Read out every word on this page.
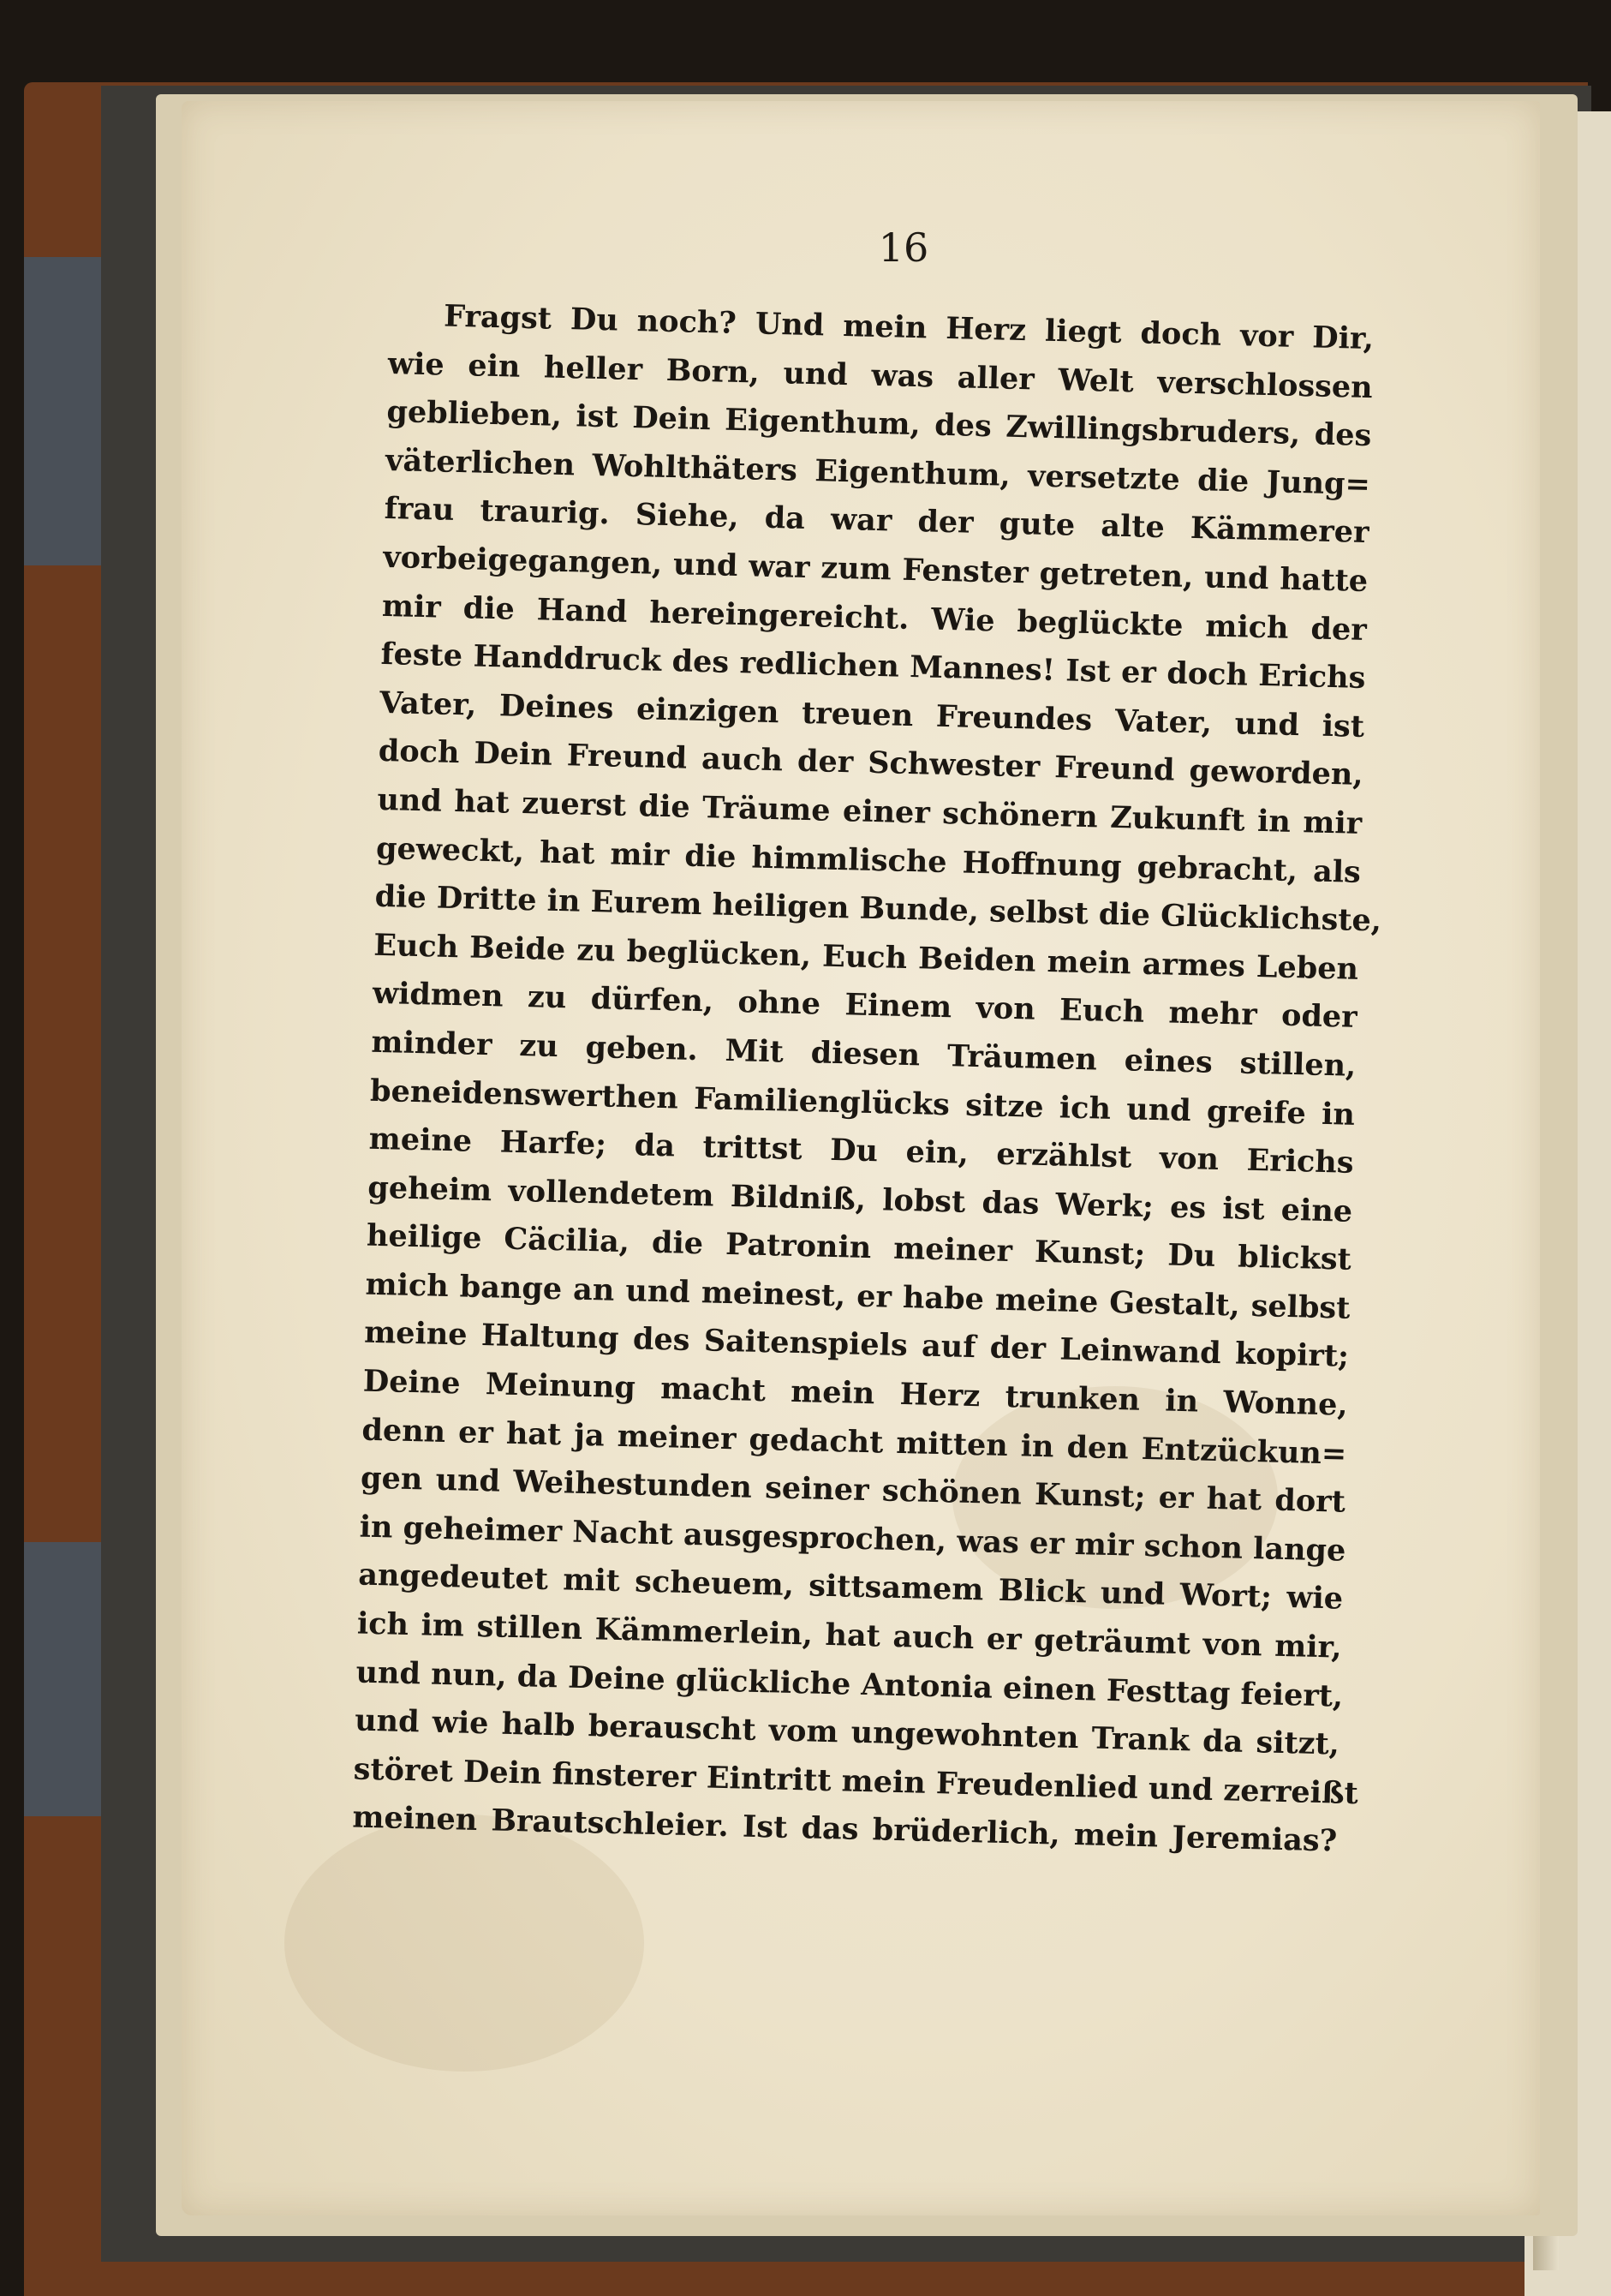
16
Fragst Du noch? Und mein Herz liegt doch vor Dir,
wie ein heller Born, und was aller Welt verschlossen
geblieben, ist Dein Eigenthum, des Zwillingsbruders, des
väterlichen Wohlthäters Eigenthum, versetzte die Jung=
frau traurig. Siehe, da war der gute alte Kämmerer
vorbeigegangen, und war zum Fenster getreten, und hatte
mir die Hand hereingereicht. Wie beglückte mich der
feste Handdruck des redlichen Mannes! Ist er doch Erichs
Vater, Deines einzigen treuen Freundes Vater, und ist
doch Dein Freund auch der Schwester Freund geworden,
und hat zuerst die Träume einer schönern Zukunft in mir
geweckt, hat mir die himmlische Hoffnung gebracht, als
die Dritte in Eurem heiligen Bunde, selbst die Glücklichste,
Euch Beide zu beglücken, Euch Beiden mein armes Leben
widmen zu dürfen, ohne Einem von Euch mehr oder
minder zu geben. Mit diesen Träumen eines stillen,
beneidenswerthen Familienglücks sitze ich und greife in
meine Harfe; da trittst Du ein, erzählst von Erichs
geheim vollendetem Bildniß, lobst das Werk; es ist eine
heilige Cäcilia, die Patronin meiner Kunst; Du blickst
mich bange an und meinest, er habe meine Gestalt, selbst
meine Haltung des Saitenspiels auf der Leinwand kopirt;
Deine Meinung macht mein Herz trunken in Wonne,
denn er hat ja meiner gedacht mitten in den Entzückun=
gen und Weihestunden seiner schönen Kunst; er hat dort
in geheimer Nacht ausgesprochen, was er mir schon lange
angedeutet mit scheuem, sittsamem Blick und Wort; wie
ich im stillen Kämmerlein, hat auch er geträumt von mir,
und nun, da Deine glückliche Antonia einen Festtag feiert,
und wie halb berauscht vom ungewohnten Trank da sitzt,
störet Dein finsterer Eintritt mein Freudenlied und zerreißt
meinen Brautschleier. Ist das brüderlich, mein Jeremias?
